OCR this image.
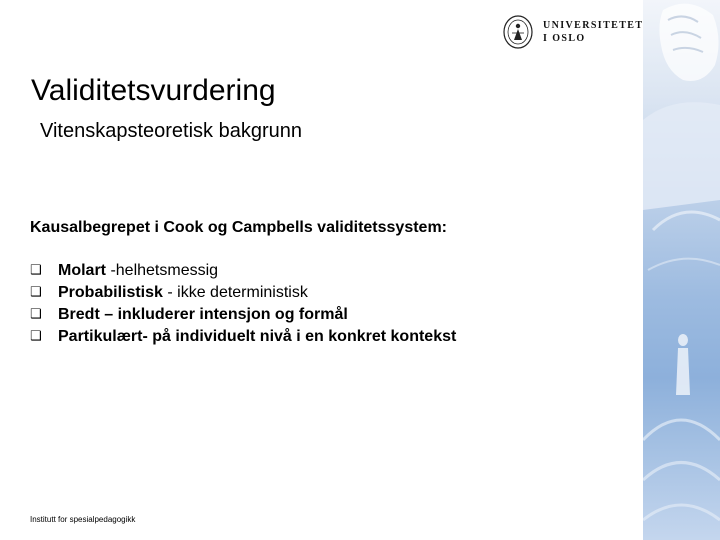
UNIVERSITETET
I OSLO
Validitetsvurdering
Vitenskapsteoretisk bakgrunn
Kausalbegrepet i Cook og Campbells validitetssystem:
❑ Molart -helhetsmessig
❑ Probabilistisk - ikke deterministisk
❑ Bredt – inkluderer intensjon og formål
❑ Partikulært- på individuelt nivå i en konkret kontekst
Institutt for spesialpedagogikk
